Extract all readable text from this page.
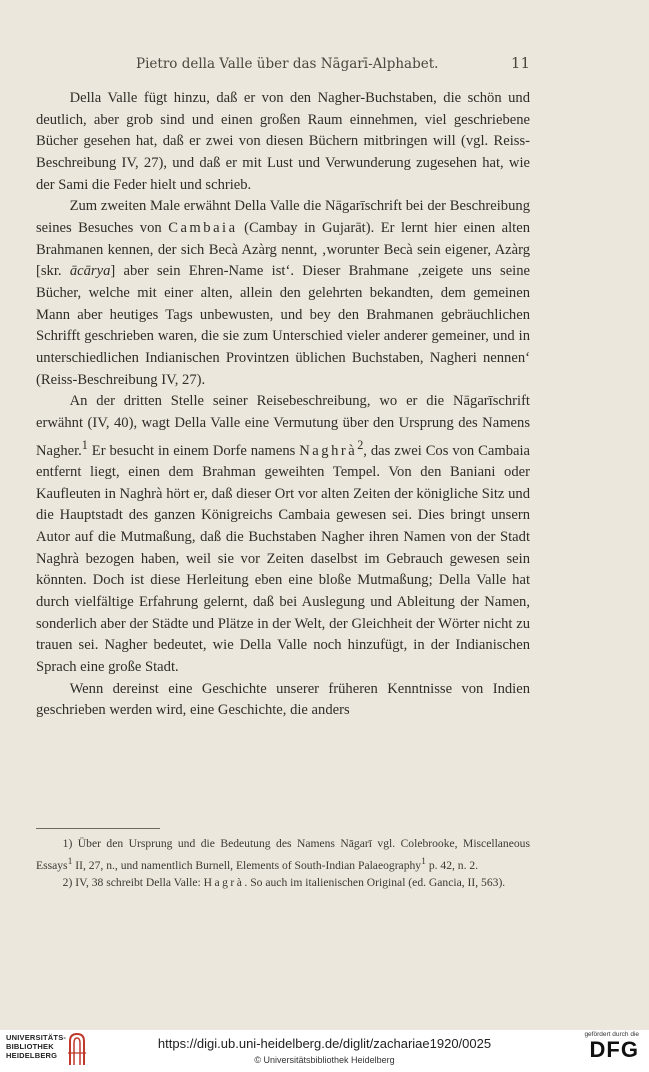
Pietro della Valle über das Nāgarī-Alphabet.	11

Della Valle fügt hinzu, daß er von den Nagher-Buchstaben, die schön und deutlich, aber grob sind und einen großen Raum einnehmen, viel geschriebene Bücher gesehen hat, daß er zwei von diesen Büchern mitbringen will (vgl. Reiss-Beschreibung IV, 27), und daß er mit Lust und Verwunderung zugesehen hat, wie der Sami die Feder hielt und schrieb.

Zum zweiten Male erwähnt Della Valle die Nāgarīschrift bei der Beschreibung seines Besuches von Cambaia (Cambay in Gujarāt). Er lernt hier einen alten Brahmanen kennen, der sich Becà Azàrg nennt, ‚worunter Becà sein eigener, Azàrg [skr. ācārya] aber sein Ehren-Name ist‘. Dieser Brahmane ‚zeigete uns seine Bücher, welche mit einer alten, allein den gelehrten bekandten, dem gemeinen Mann aber heutiges Tags unbewusten, und bey den Brahmanen gebräuchlichen Schrifft geschrieben waren, die sie zum Unterschied vieler anderer gemeiner, und in unterschiedlichen Indianischen Provintzen üblichen Buchstaben, Nagheri nennen‘ (Reiss-Beschreibung IV, 27).

An der dritten Stelle seiner Reisebeschreibung, wo er die Nāgarīschrift erwähnt (IV, 40), wagt Della Valle eine Vermutung über den Ursprung des Namens Nagher.$^1$ Er besucht in einem Dorfe namens Naghrà$^2$, das zwei Cos von Cambaia entfernt liegt, einen dem Brahman geweihten Tempel. Von den Baniani oder Kaufleuten in Naghrà hört er, daß dieser Ort vor alten Zeiten der königliche Sitz und die Hauptstadt des ganzen Königreichs Cambaia gewesen sei. Dies bringt unsern Autor auf die Mutmaßung, daß die Buchstaben Nagher ihren Namen von der Stadt Naghrà bezogen haben, weil sie vor Zeiten daselbst im Gebrauch gewesen sein könnten. Doch ist diese Herleitung eben eine bloße Mutmaßung; Della Valle hat durch vielfältige Erfahrung gelernt, daß bei Auslegung und Ableitung der Namen, sonderlich aber der Städte und Plätze in der Welt, der Gleichheit der Wörter nicht zu trauen sei. Nagher bedeutet, wie Della Valle noch hinzufügt, in der Indianischen Sprach eine große Stadt.

Wenn dereinst eine Geschichte unserer früheren Kenntnisse von Indien geschrieben werden wird, eine Geschichte, die anders

1) Über den Ursprung und die Bedeutung des Namens Nāgarī vgl. Colebrooke, Miscellaneous Essays$^1$ II, 27, n., und namentlich Burnell, Elements of South-Indian Palaeography$^1$ p. 42, n. 2.

2) IV, 38 schreibt Della Valle: Hagrà. So auch im italienischen Original (ed. Gancia, II, 563).

UNIVERSITÄTS-
BIBLIOTHEK
HEIDELBERG
https://digi.ub.uni-heidelberg.de/diglit/zachariae1920/0025
© Universitätsbibliothek Heidelberg
gefördert durch die
DFG
